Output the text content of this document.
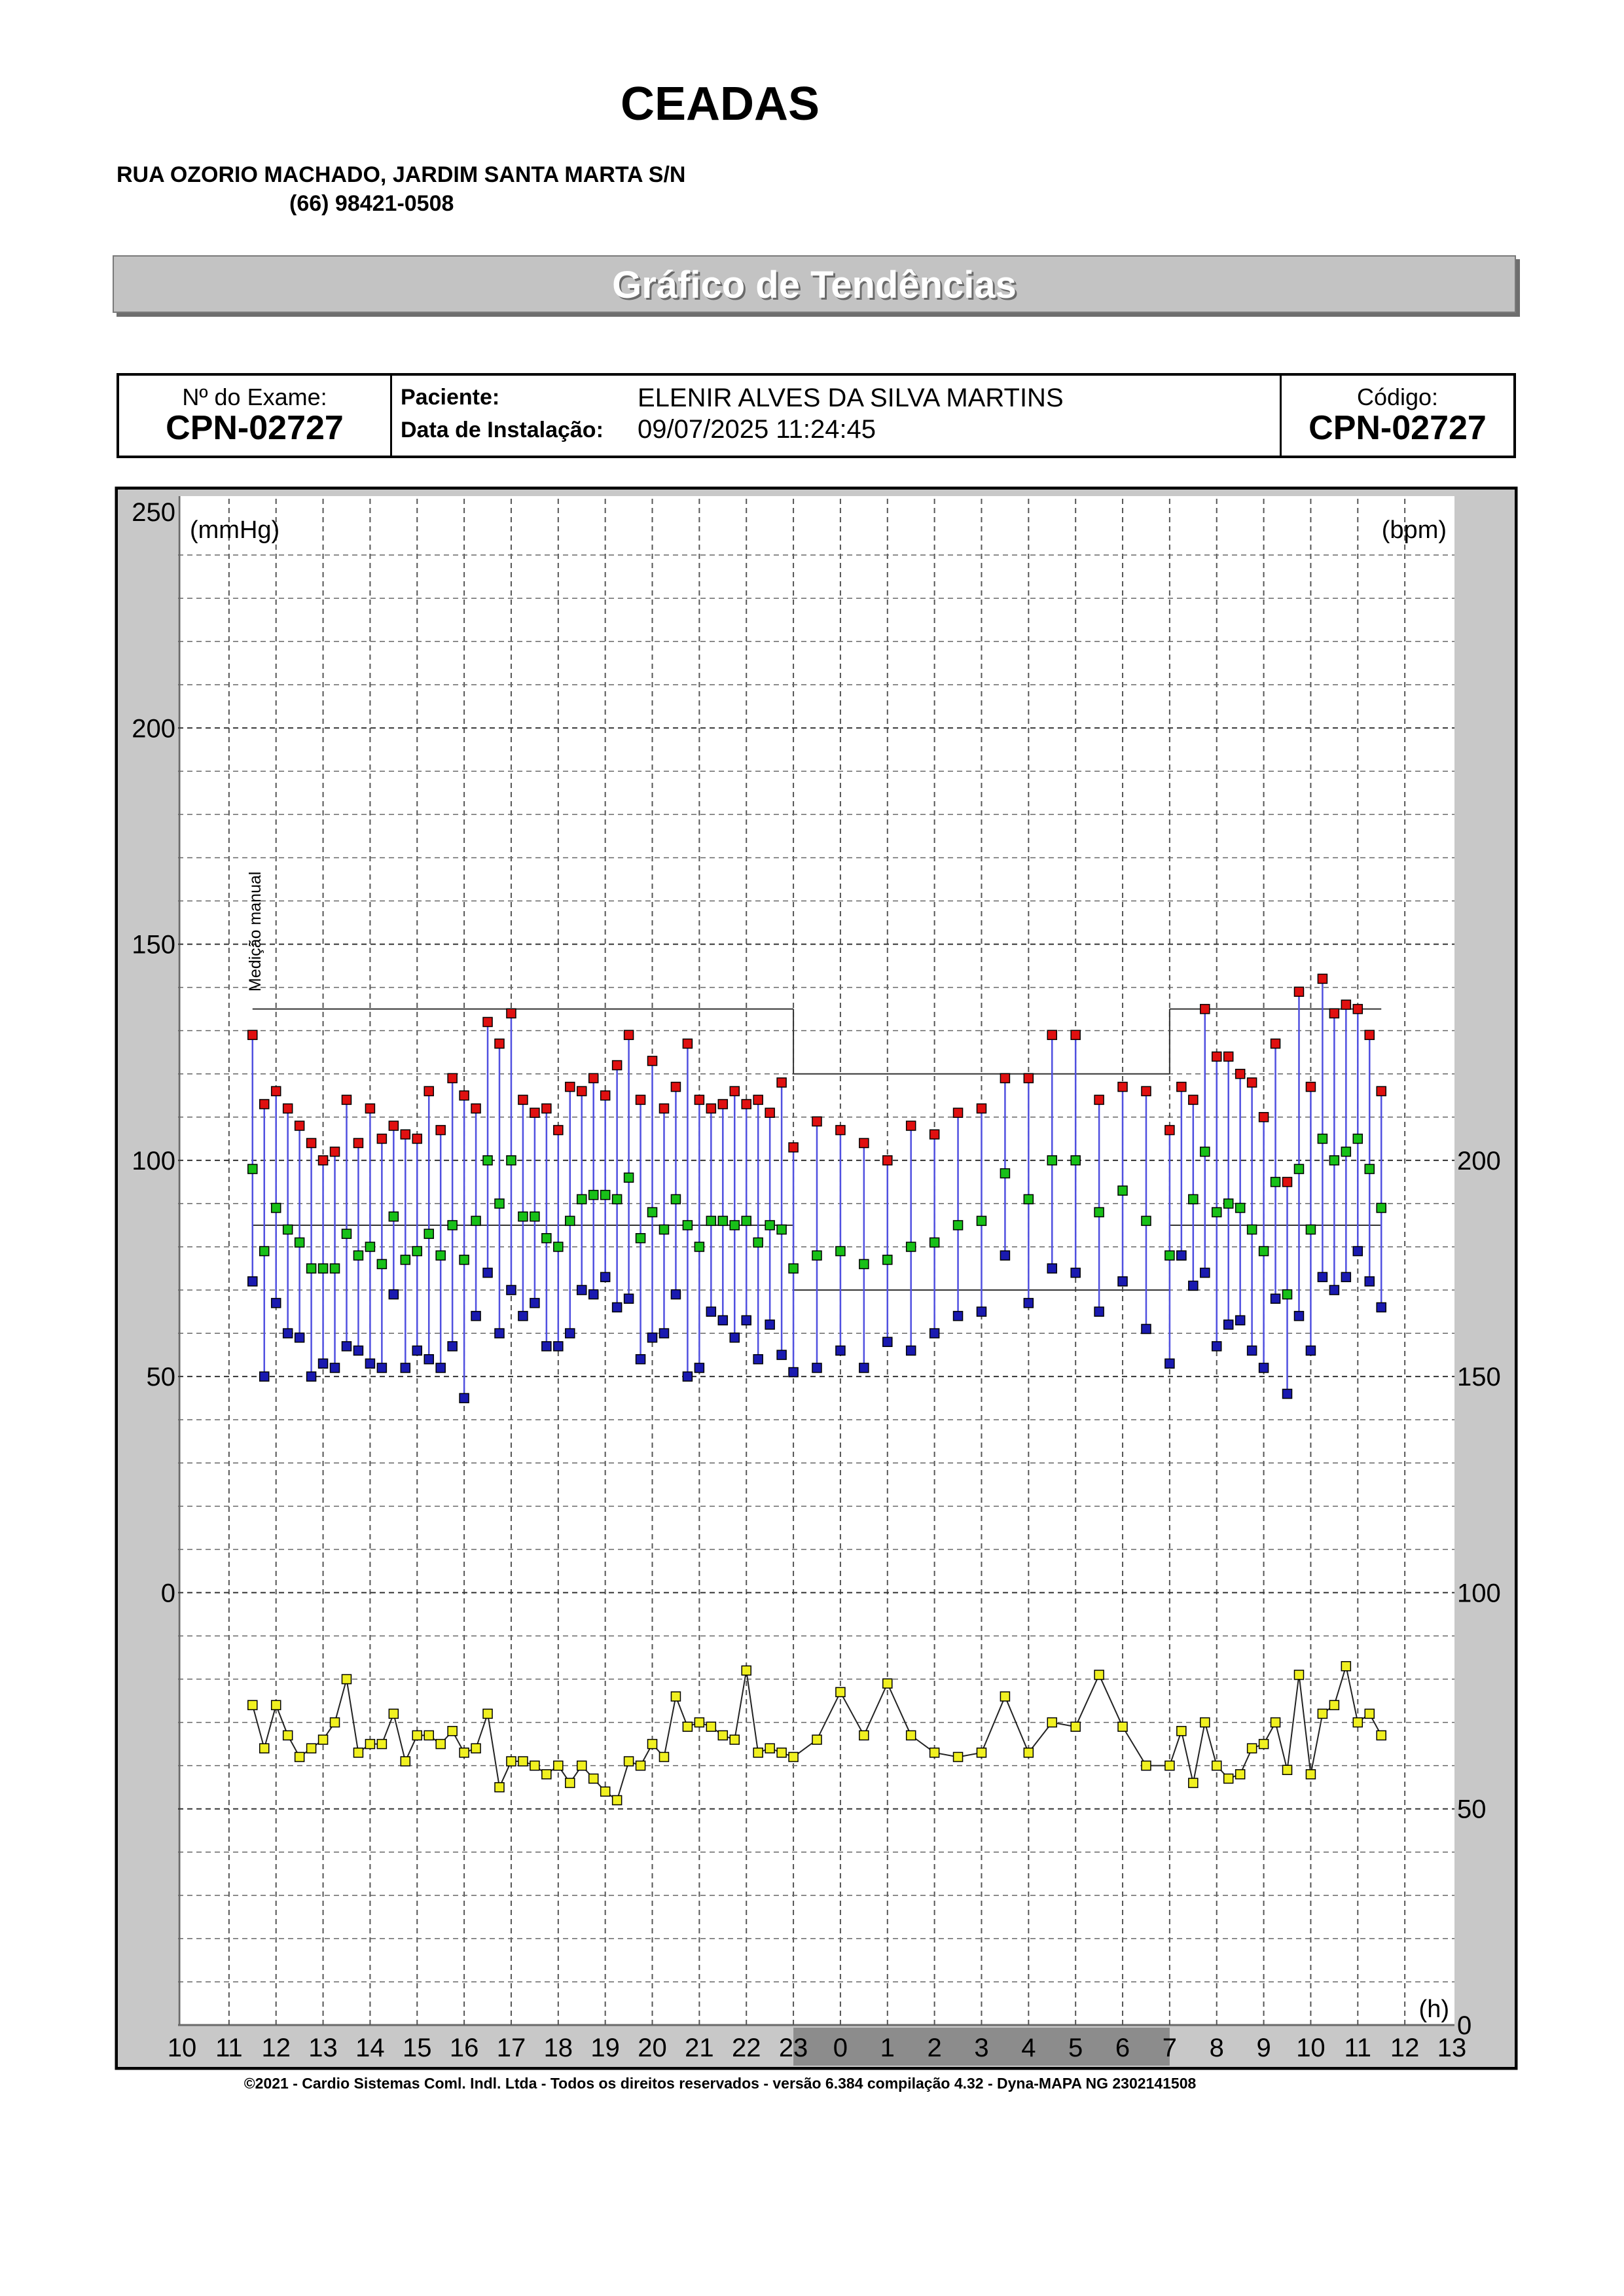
CEADAS
RUA OZORIO MACHADO, JARDIM SANTA MARTA S/N
(66) 98421-0508
Gráfico de Tendências
Nº do Exame:
CPN-02727
Paciente:	ELENIR ALVES DA SILVA MARTINS
Data de Instalação: 09/07/2025 11:24:45
Código:
CPN-02727
250
200
150
100
50
0
200
150
100
50
0
10 11 12 13 14 15 16 17 18 19 20 21 22 23 0 1 2 3 4 5 6 7 8 9 10 11 12 13
(mmHg)	(bpm)
(h)
Medição manual
©2021 - Cardio Sistemas Coml. Indl. Ltda - Todos os direitos reservados - versão 6.384 compilação 4.32 - Dyna-MAPA NG 2302141508
